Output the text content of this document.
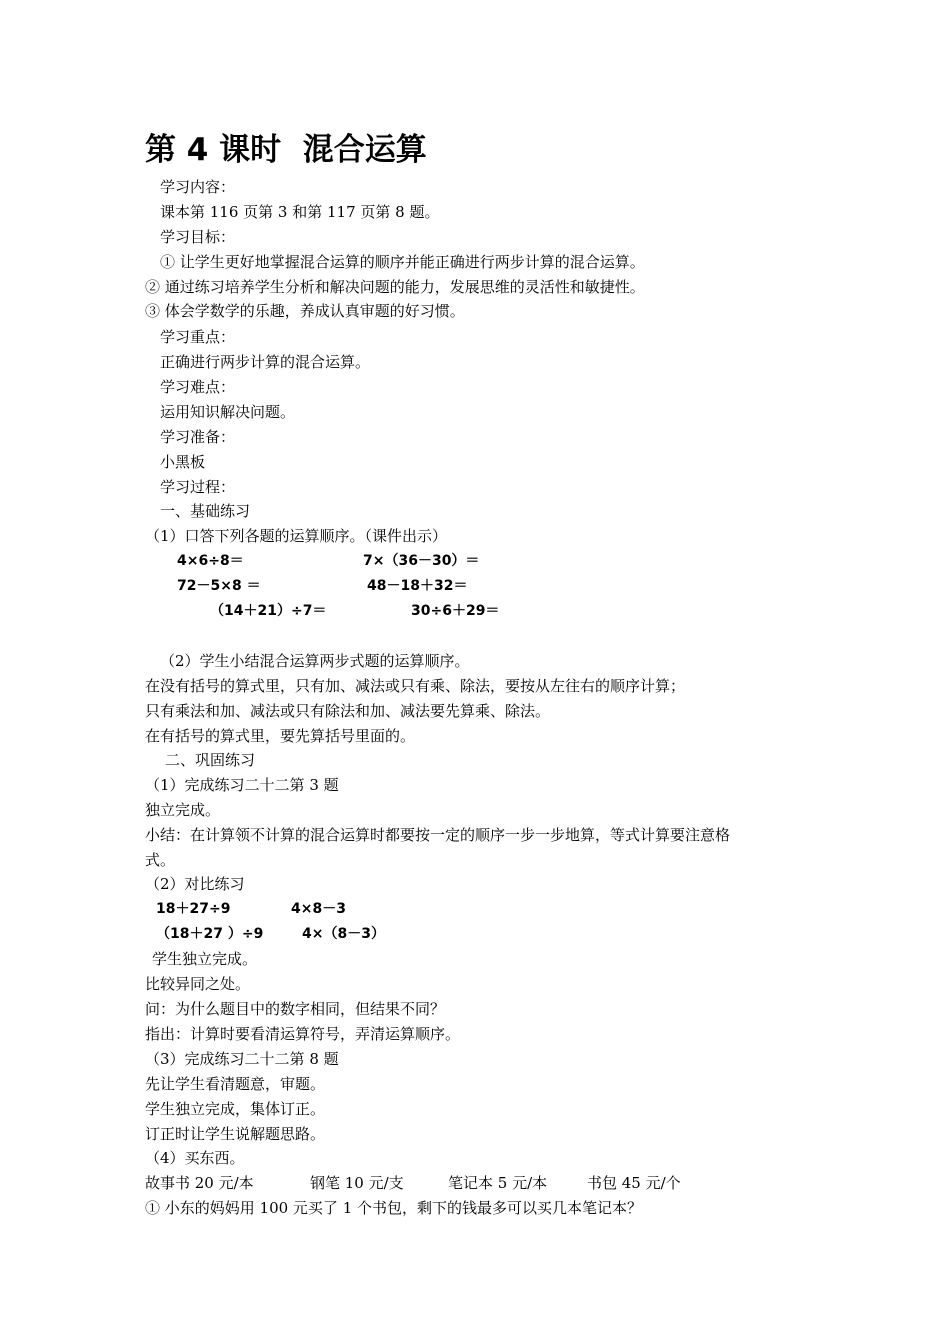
第 4 课时  混合运算
学习内容：
课本第 116 页第 3 和第 117 页第 8 题。
学习目标：
① 让学生更好地掌握混合运算的顺序并能正确进行两步计算的混合运算。
② 通过练习培养学生分析和解决问题的能力，发展思维的灵活性和敏捷性。
③ 体会学数学的乐趣，养成认真审题的好习惯。
学习重点：
正确进行两步计算的混合运算。
学习难点：
运用知识解决问题。
学习准备：
小黑板
学习过程：
一、基础练习
（1）口答下列各题的运算顺序。（课件出示）
4×6÷8＝	7×（36－30）＝
72－5×8 ＝	48－18＋32＝
（14＋21）÷7＝	30÷6＋29＝
（2）学生小结混合运算两步式题的运算顺序。
在没有括号的算式里，只有加、减法或只有乘、除法，要按从左往右的顺序计算；
只有乘法和加、减法或只有除法和加、减法要先算乘、除法。
在有括号的算式里，要先算括号里面的。
二、巩固练习
（1）完成练习二十二第 3 题
独立完成。
小结：在计算领不计算的混合运算时都要按一定的顺序一步一步地算，等式计算要注意格
式。
（2）对比练习
18＋27÷9	4×8－3
（18＋27 ）÷9	4×（8－3）
学生独立完成。
比较异同之处。
问：为什么题目中的数字相同，但结果不同？
指出：计算时要看清运算符号，弄清运算顺序。
（3）完成练习二十二第 8 题
先让学生看清题意，审题。
学生独立完成，集体订正。
订正时让学生说解题思路。
（4）买东西。
故事书 20 元/本	钢笔 10 元/支	笔记本 5 元/本	书包 45 元/个
① 小东的妈妈用 100 元买了 1 个书包，剩下的钱最多可以买几本笔记本？
